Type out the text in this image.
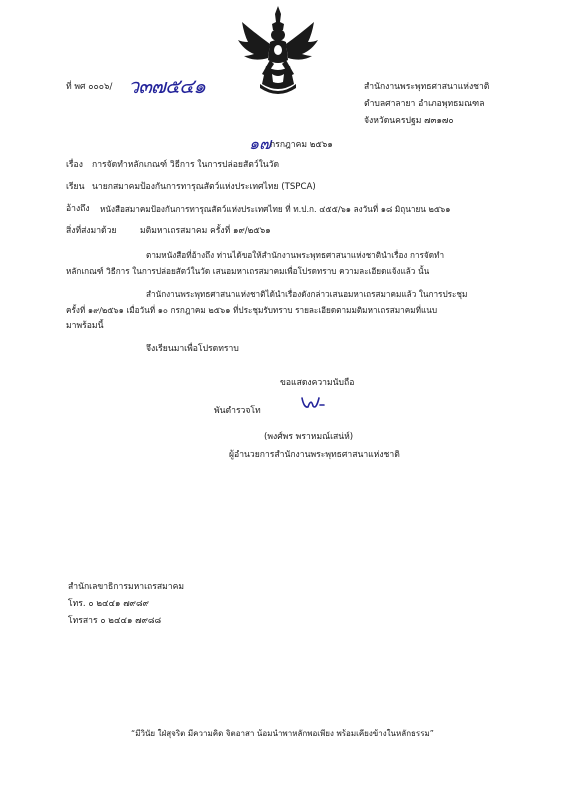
ที่ พศ ๐๐๐๖/ ว๓๗๕๔๑	สำนักงานพระพุทธศาสนาแห่งชาติ
ตำบลศาลายา อำเภอพุทธมณฑล
จังหวัดนครปฐม ๗๓๑๗๐
๑๗
กรกฎาคม ๒๕๖๑
เรื่อง การจัดทำหลักเกณฑ์ วิธีการ ในการปล่อยสัตว์ในวัด
เรียน นายกสมาคมป้องกันการทารุณสัตว์แห่งประเทศไทย (TSPCA)
อ้างถึง หนังสือสมาคมป้องกันการทารุณสัตว์แห่งประเทศไทย ที่ ท.ป.ก. ๔๕๕/๖๑ ลงวันที่ ๑๘ มิถุนายน ๒๕๖๑
สิ่งที่ส่งมาด้วย	มติมหาเถรสมาคม ครั้งที่ ๑๙/๒๕๖๑
ตามหนังสือที่อ้างถึง ท่านได้ขอให้สำนักงานพระพุทธศาสนาแห่งชาตินำเรื่อง การจัดทำ
หลักเกณฑ์ วิธีการ ในการปล่อยสัตว์ในวัด เสนอมหาเถรสมาคมเพื่อโปรดทราบ ความละเอียดแจ้งแล้ว นั้น
สำนักงานพระพุทธศาสนาแห่งชาติได้นำเรื่องดังกล่าวเสนอมหาเถรสมาคมแล้ว ในการประชุม
ครั้งที่ ๑๙/๒๕๖๑ เมื่อวันที่ ๑๐ กรกฎาคม ๒๕๖๑ ที่ประชุมรับทราบ รายละเอียดตามมติมหาเถรสมาคมที่แนบ
มาพร้อมนี้
จึงเรียนมาเพื่อโปรดทราบ
ขอแสดงความนับถือ
พันตำรวจโท
(พงศ์พร พราหมณ์เสน่ห์)
ผู้อำนวยการสำนักงานพระพุทธศาสนาแห่งชาติ
สำนักเลขาธิการมหาเถรสมาคม
โทร. ๐ ๒๔๔๑ ๗๙๘๙
โทรสาร ๐ ๒๔๔๑ ๗๙๘๘
“มีวินัย ใฝ่สุจริต มีความคิด จิตอาสา น้อมนำพาหลักพอเพียง พร้อมเคียงข้างในหลักธรรม”
